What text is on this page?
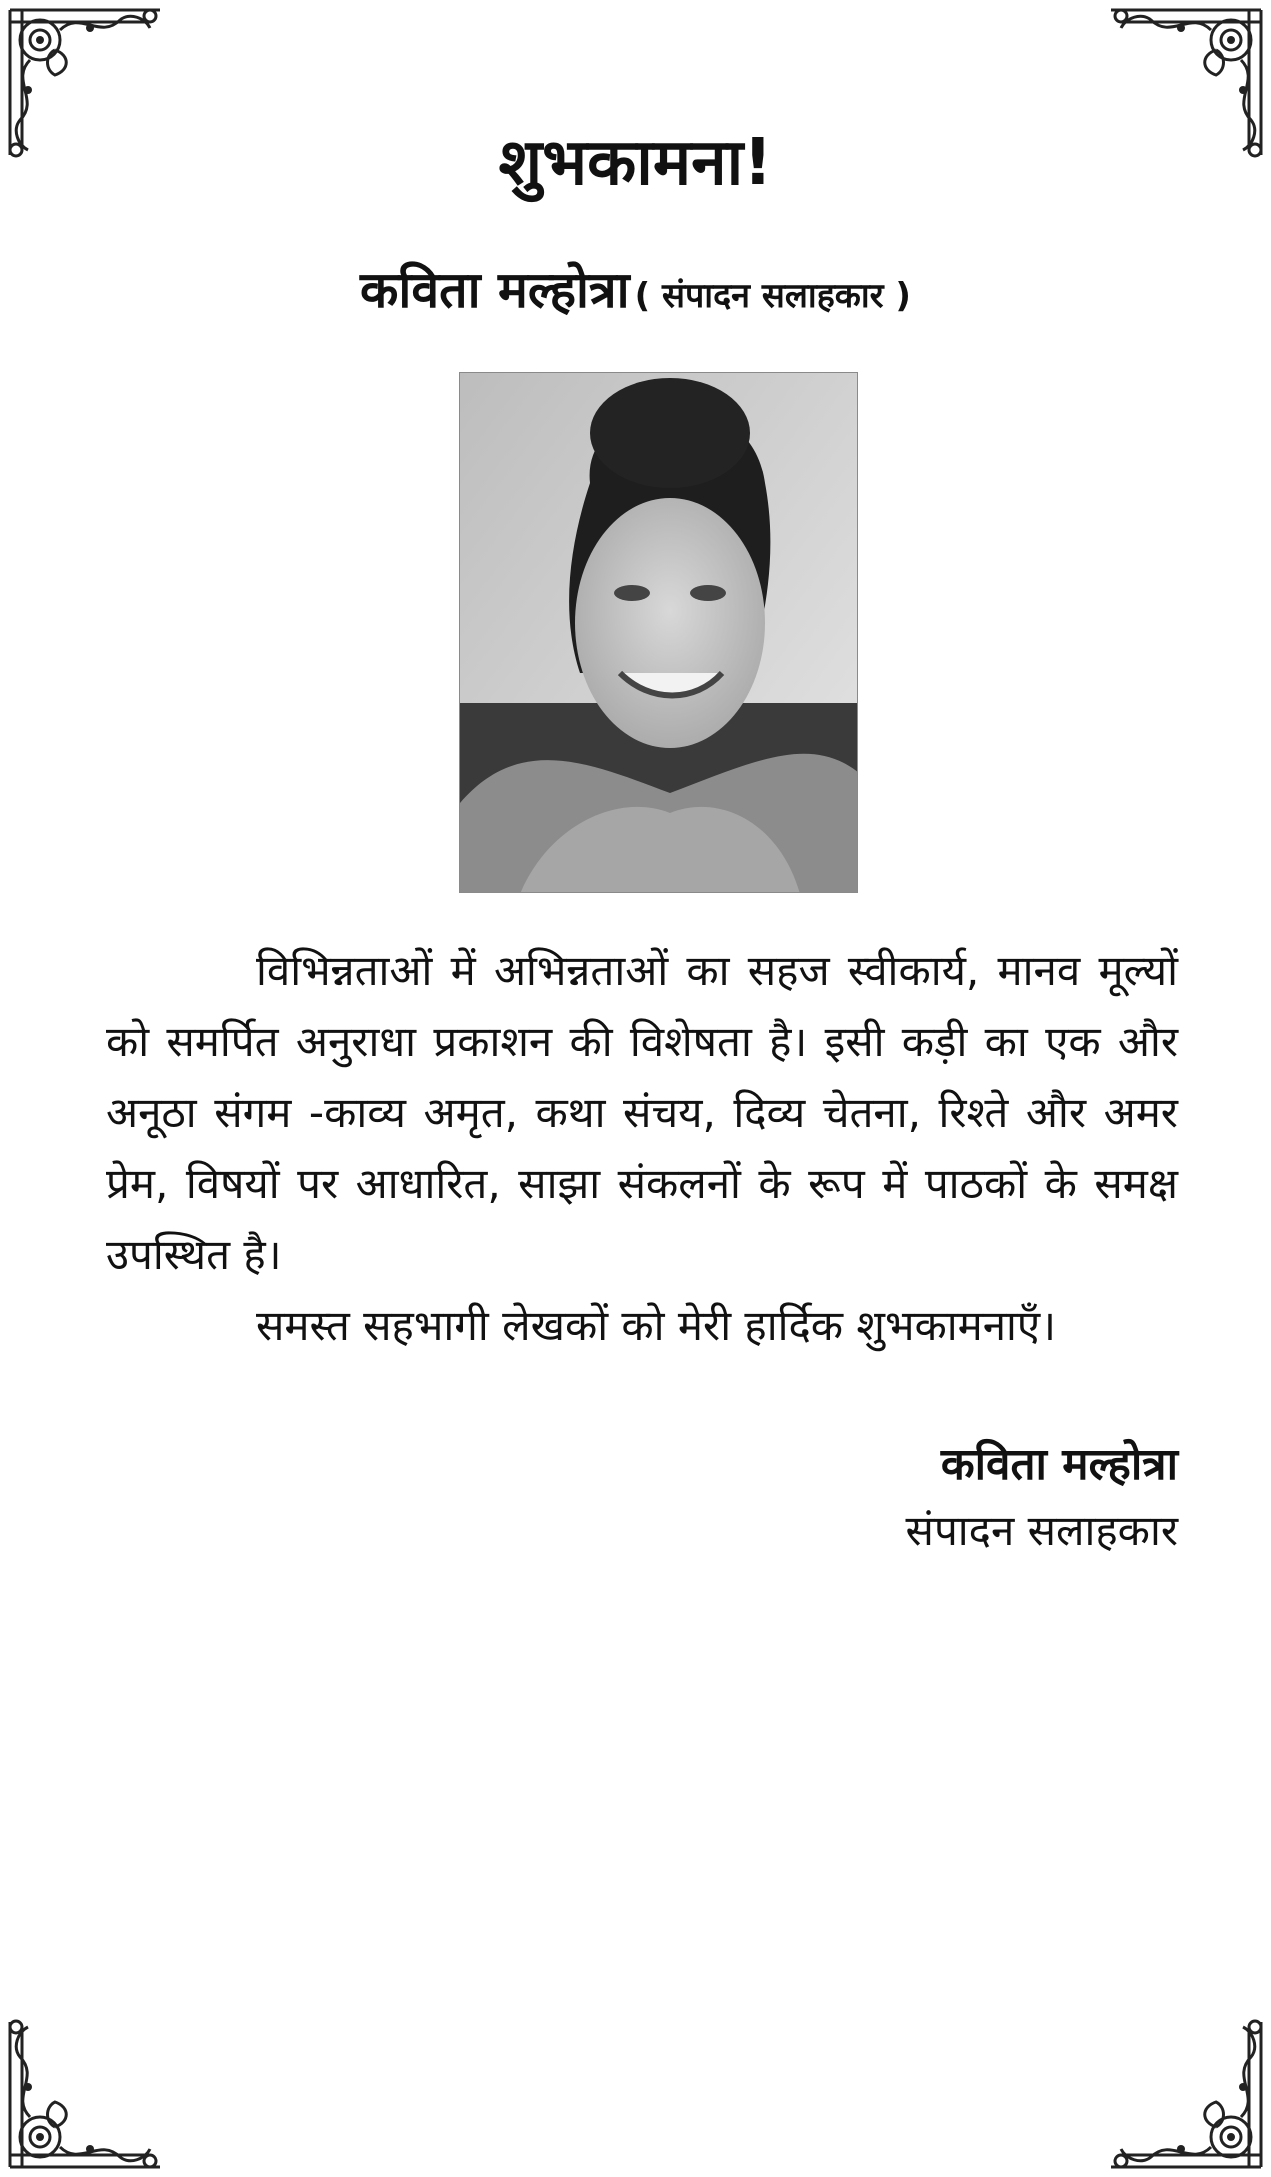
शुभकामना!
कविता मल्होत्रा ( संपादन सलाहकार )

विभिन्नताओं में अभिन्नताओं का सहज स्वीकार्य, मानव मूल्यों को समर्पित अनुराधा प्रकाशन की विशेषता है। इसी कड़ी का एक और अनूठा संगम -काव्य अमृत, कथा संचय, दिव्य चेतना, रिश्ते और अमर प्रेम, विषयों पर आधारित, साझा संकलनों के रूप में पाठकों के समक्ष उपस्थित है।

समस्त सहभागी लेखकों को मेरी हार्दिक शुभकामनाएँ।

कविता मल्होत्रा
संपादन सलाहकार
